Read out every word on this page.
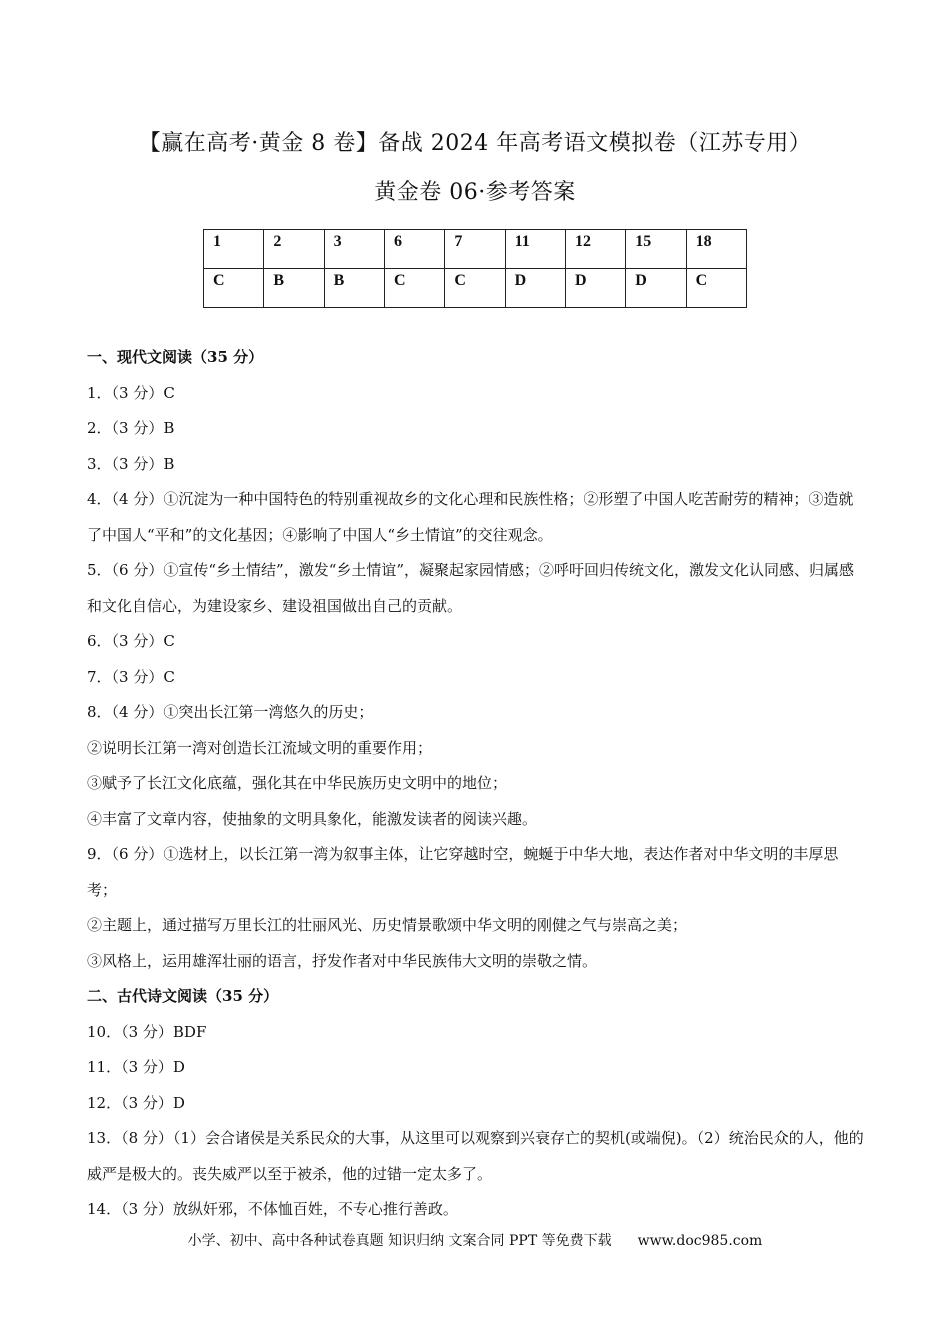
【赢在高考·黄金 8 卷】备战 2024 年高考语文模拟卷（江苏专用）
黄金卷 06·参考答案
1	2	3	6	7	11	12	15	18
C	B	B	C	C	D	D	D	C

一、现代文阅读（35 分）

1．（3 分）C

2．（3 分）B

3．（3 分）B

4．（4 分）①沉淀为一种中国特色的特别重视故乡的文化心理和民族性格；②形塑了中国人吃苦耐劳的精神；③造就了中国人“平和”的文化基因；④影响了中国人“乡土情谊”的交往观念。

5．（6 分）①宣传“乡土情结”，激发“乡土情谊”，凝聚起家园情感；②呼吁回归传统文化，激发文化认同感、归属感和文化自信心，为建设家乡、建设祖国做出自己的贡献。

6．（3 分）C

7．（3 分）C

8．（4 分）①突出长江第一湾悠久的历史；

②说明长江第一湾对创造长江流域文明的重要作用；

③赋予了长江文化底蕴，强化其在中华民族历史文明中的地位；

④丰富了文章内容，使抽象的文明具象化，能激发读者的阅读兴趣。

9．（6 分）①选材上，以长江第一湾为叙事主体，让它穿越时空，蜿蜒于中华大地，表达作者对中华文明的丰厚思考；

②主题上，通过描写万里长江的壮丽风光、历史情景歌颂中华文明的刚健之气与崇高之美；

③风格上，运用雄浑壮丽的语言，抒发作者对中华民族伟大文明的崇敬之情。

二、古代诗文阅读（35 分）

10．（3 分）BDF

11．（3 分）D

12．（3 分）D

13．（8 分）（1）会合诸侯是关系民众的大事，从这里可以观察到兴衰存亡的契机(或端倪)。（2）统治民众的人，他的威严是极大的。丧失威严以至于被杀，他的过错一定太多了。

14．（3 分）放纵奸邪，不体恤百姓，不专心推行善政。

小学、初中、高中各种试卷真题 知识归纳 文案合同 PPT 等免费下载 www.doc985.com
